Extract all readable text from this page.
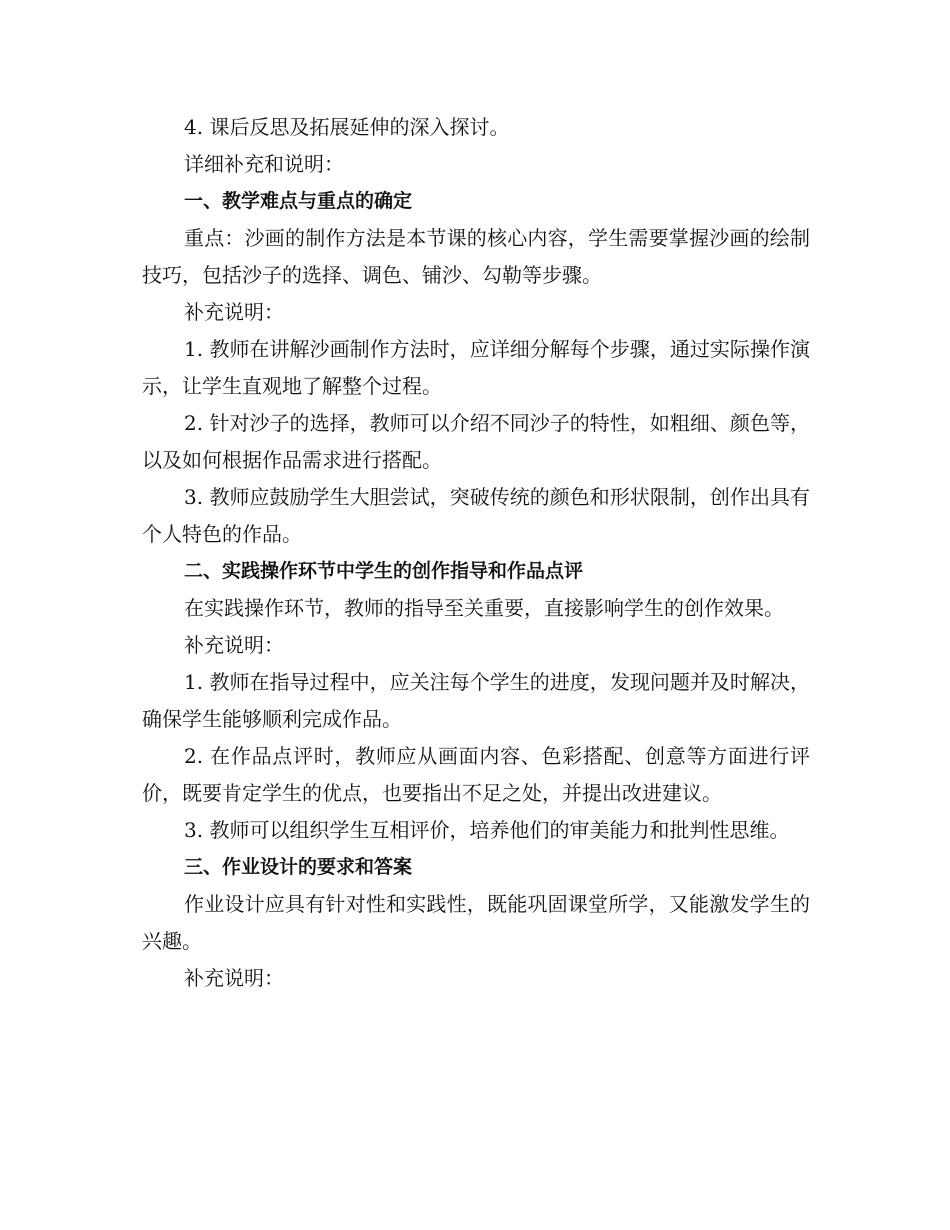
4. 课后反思及拓展延伸的深入探讨。

详细补充和说明：

一、教学难点与重点的确定

重点：沙画的制作方法是本节课的核心内容，学生需要掌握沙画的绘制技巧，包括沙子的选择、调色、铺沙、勾勒等步骤。

补充说明：

1. 教师在讲解沙画制作方法时，应详细分解每个步骤，通过实际操作演示，让学生直观地了解整个过程。

2. 针对沙子的选择，教师可以介绍不同沙子的特性，如粗细、颜色等，以及如何根据作品需求进行搭配。

3. 教师应鼓励学生大胆尝试，突破传统的颜色和形状限制，创作出具有个人特色的作品。

二、实践操作环节中学生的创作指导和作品点评

在实践操作环节，教师的指导至关重要，直接影响学生的创作效果。

补充说明：

1. 教师在指导过程中，应关注每个学生的进度，发现问题并及时解决，确保学生能够顺利完成作品。

2. 在作品点评时，教师应从画面内容、色彩搭配、创意等方面进行评价，既要肯定学生的优点，也要指出不足之处，并提出改进建议。

3. 教师可以组织学生互相评价，培养他们的审美能力和批判性思维。

三、作业设计的要求和答案

作业设计应具有针对性和实践性，既能巩固课堂所学，又能激发学生的兴趣。

补充说明：
